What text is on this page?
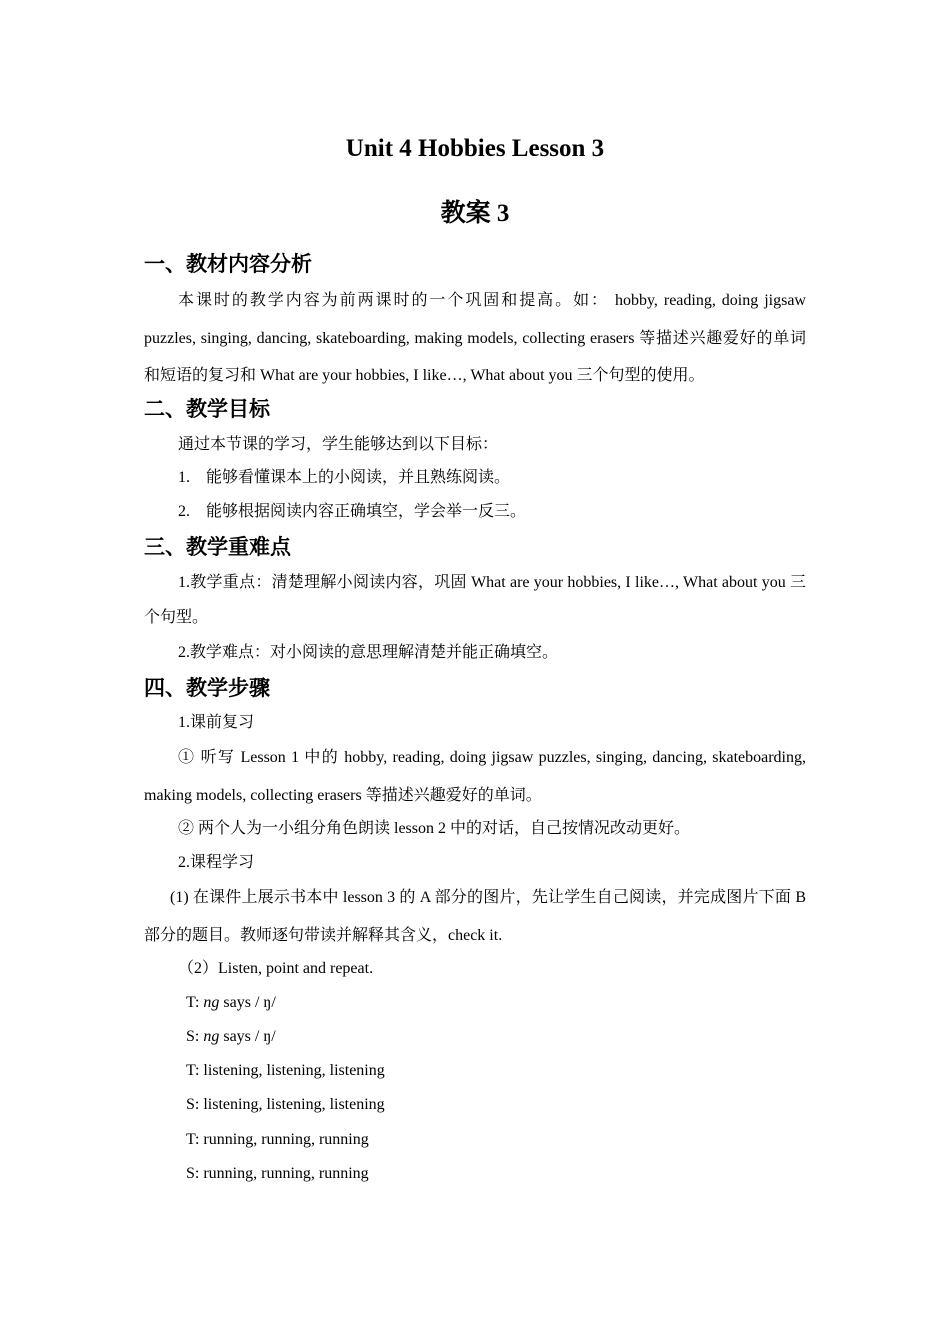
Unit 4 Hobbies Lesson 3
教案 3
一、教材内容分析

本课时的教学内容为前两课时的一个巩固和提高。如： hobby, reading, doing jigsaw puzzles, singing, dancing, skateboarding, making models, collecting erasers 等描述兴趣爱好的单词和短语的复习和 What are your hobbies, I like…, What about you 三个句型的使用。

二、教学目标

通过本节课的学习，学生能够达到以下目标：

1. 能够看懂课本上的小阅读，并且熟练阅读。

2. 能够根据阅读内容正确填空，学会举一反三。

三、教学重难点

1.教学重点：清楚理解小阅读内容，巩固 What are your hobbies, I like…, What about you 三个句型。

2.教学难点：对小阅读的意思理解清楚并能正确填空。

四、教学步骤

1.课前复习

① 听写 Lesson 1 中的 hobby, reading, doing jigsaw puzzles, singing, dancing, skateboarding, making models, collecting erasers 等描述兴趣爱好的单词。

② 两个人为一小组分角色朗读 lesson 2 中的对话，自己按情况改动更好。

2.课程学习

(1) 在课件上展示书本中 lesson 3 的 A 部分的图片，先让学生自己阅读，并完成图片下面 B 部分的题目。教师逐句带读并解释其含义，check it.

（2）Listen, point and repeat.

T: ng says / ŋ/

S: ng says / ŋ/

T: listening, listening, listening

S: listening, listening, listening

T: running, running, running

S: running, running, running
